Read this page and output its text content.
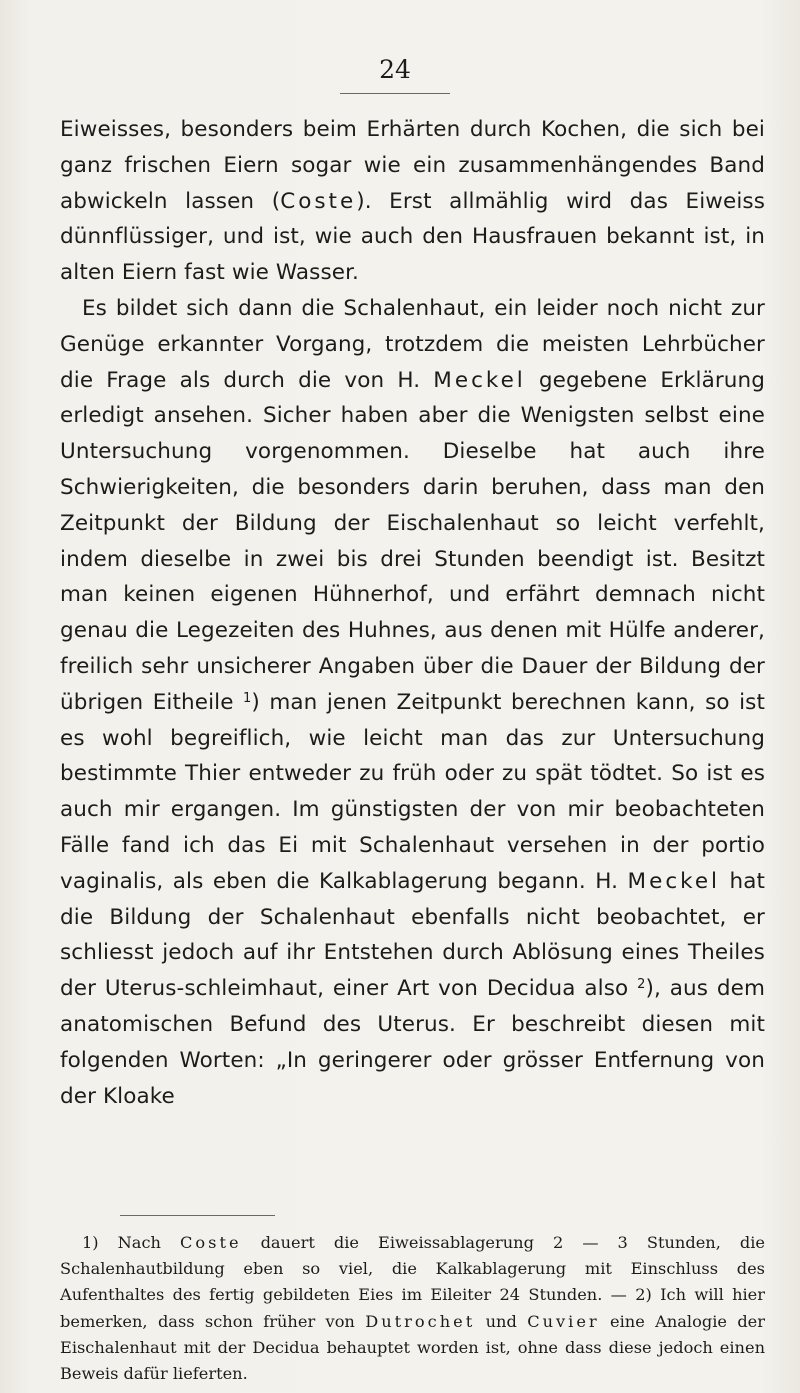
24

Eiweisses, besonders beim Erhärten durch Kochen, die sich bei ganz frischen Eiern sogar wie ein zusammenhängendes Band abwickeln lassen (Coste). Erst allmählig wird das Eiweiss dünnflüssiger, und ist, wie auch den Hausfrauen bekannt ist, in alten Eiern fast wie Wasser.

Es bildet sich dann die Schalenhaut, ein leider noch nicht zur Genüge erkannter Vorgang, trotzdem die meisten Lehrbücher die Frage als durch die von H. Meckel gegebene Erklärung erledigt ansehen. Sicher haben aber die Wenigsten selbst eine Untersuchung vorgenommen. Dieselbe hat auch ihre Schwierigkeiten, die besonders darin beruhen, dass man den Zeitpunkt der Bildung der Eischalenhaut so leicht verfehlt, indem dieselbe in zwei bis drei Stunden beendigt ist. Besitzt man keinen eigenen Hühnerhof, und erfährt demnach nicht genau die Legezeiten des Huhnes, aus denen mit Hülfe anderer, freilich sehr unsicherer Angaben über die Dauer der Bildung der übrigen Eitheile $^1$) man jenen Zeitpunkt berechnen kann, so ist es wohl begreiflich, wie leicht man das zur Untersuchung bestimmte Thier entweder zu früh oder zu spät tödtet. So ist es auch mir ergangen. Im günstigsten der von mir beobachteten Fälle fand ich das Ei mit Schalenhaut versehen in der portio vaginalis, als eben die Kalkablagerung begann. H. Meckel hat die Bildung der Schalenhaut ebenfalls nicht beobachtet, er schliesst jedoch auf ihr Entstehen durch Ablösung eines Theiles der Uterus-schleimhaut, einer Art von Decidua also $^2$), aus dem anatomischen Befund des Uterus. Er beschreibt diesen mit folgenden Worten: „In geringerer oder grösser Entfernung von der Kloake

1) Nach Coste dauert die Eiweissablagerung 2 — 3 Stunden, die Schalenhautbildung eben so viel, die Kalkablagerung mit Einschluss des Aufenthaltes des fertig gebildeten Eies im Eileiter 24 Stunden. — 2) Ich will hier bemerken, dass schon früher von Dutrochet und Cuvier eine Analogie der Eischalenhaut mit der Decidua behauptet worden ist, ohne dass diese jedoch einen Beweis dafür lieferten.
